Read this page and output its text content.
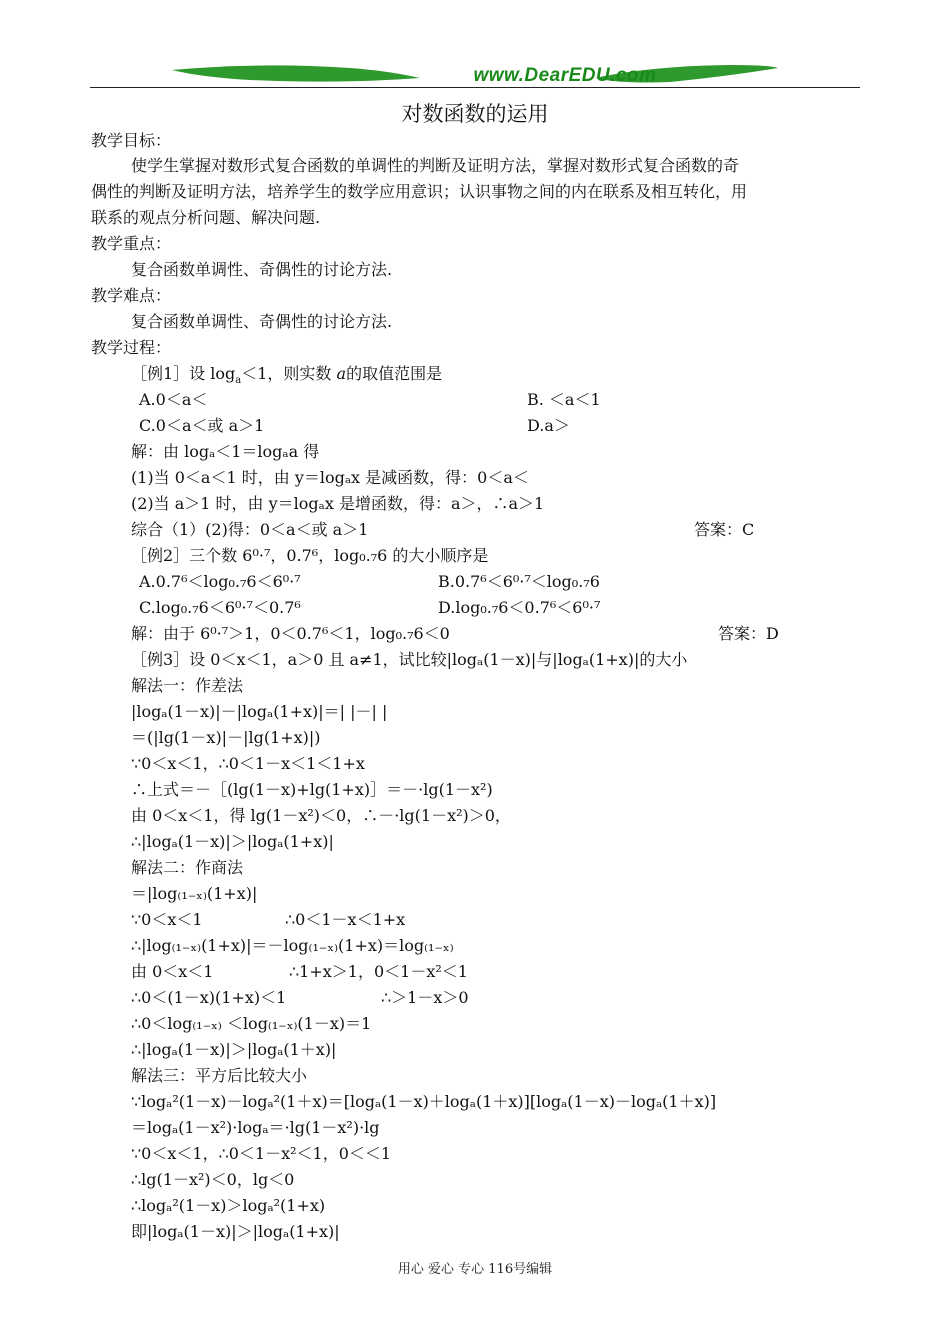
www.DearEDU.com
对数函数的运用
教学目标：
使学生掌握对数形式复合函数的单调性的判断及证明方法，掌握对数形式复合函数的奇
偶性的判断及证明方法，培养学生的数学应用意识；认识事物之间的内在联系及相互转化，用
联系的观点分析问题、解决问题.
教学重点：
复合函数单调性、奇偶性的讨论方法.
教学难点：
复合函数单调性、奇偶性的讨论方法.
教学过程：
［例1］设 $\log_a<1$，则实数 a的取值范围是
A.0＜a＜	B. ＜a＜1
C.0＜a＜或 a＞1	D.a＞
解：由 logₐ＜1＝logₐa 得
(1)当 0＜a＜1 时，由 y＝logₐx 是减函数，得：0＜a＜
(2)当 a＞1 时，由 y＝logₐx 是增函数，得：a＞，∴a＞1
综合（1）(2)得：0＜a＜或 a＞1	答案：C
［例2］三个数 6⁰·⁷，0.7⁶，log₀.₇6 的大小顺序是
A.0.7⁶＜log₀.₇6＜6⁰·⁷	B.0.7⁶＜6⁰·⁷＜log₀.₇6
C.log₀.₇6＜6⁰·⁷＜0.7⁶	D.log₀.₇6＜0.7⁶＜6⁰·⁷
解：由于 6⁰·⁷＞1，0＜0.7⁶＜1，log₀.₇6＜0	答案：D
［例3］设 0＜x＜1，a＞0 且 a≠1，试比较|logₐ(1－x)|与|logₐ(1+x)|的大小
解法一：作差法
|logₐ(1－x)|－|logₐ(1+x)|＝| |－| |
＝(|lg(1－x)|－|lg(1+x)|)
∵0＜x＜1，∴0＜1－x＜1＜1+x
∴上式＝－［(lg(1－x)+lg(1+x)］＝－·lg(1－x²)
由 0＜x＜1，得 lg(1－x²)＜0，∴－·lg(1－x²)＞0，
∴|logₐ(1－x)|＞|logₐ(1+x)|
解法二：作商法
＝|log₍₁₋ₓ₎(1+x)|
∵0＜x＜1	∴0＜1－x＜1+x
∴|log₍₁₋ₓ₎(1+x)|＝－log₍₁₋ₓ₎(1+x)＝log₍₁₋ₓ₎
由 0＜x＜1	∴1+x＞1，0＜1－x²＜1
∴0＜(1－x)(1+x)＜1	∴＞1－x＞0
∴0＜log₍₁₋ₓ₎ ＜log₍₁₋ₓ₎(1－x)＝1
∴|logₐ(1－x)|＞|logₐ(1＋x)|
解法三：平方后比较大小
∵logₐ²(1－x)－logₐ²(1＋x)＝[logₐ(1－x)＋logₐ(1＋x)][logₐ(1－x)－logₐ(1＋x)]
＝logₐ(1－x²)·logₐ＝·lg(1－x²)·lg
∵0＜x＜1，∴0＜1－x²＜1，0＜＜1
∴lg(1－x²)＜0，lg＜0
∴logₐ²(1－x)＞logₐ²(1+x)
即|logₐ(1－x)|＞|logₐ(1+x)|
用心 爱心 专心 116号编辑
